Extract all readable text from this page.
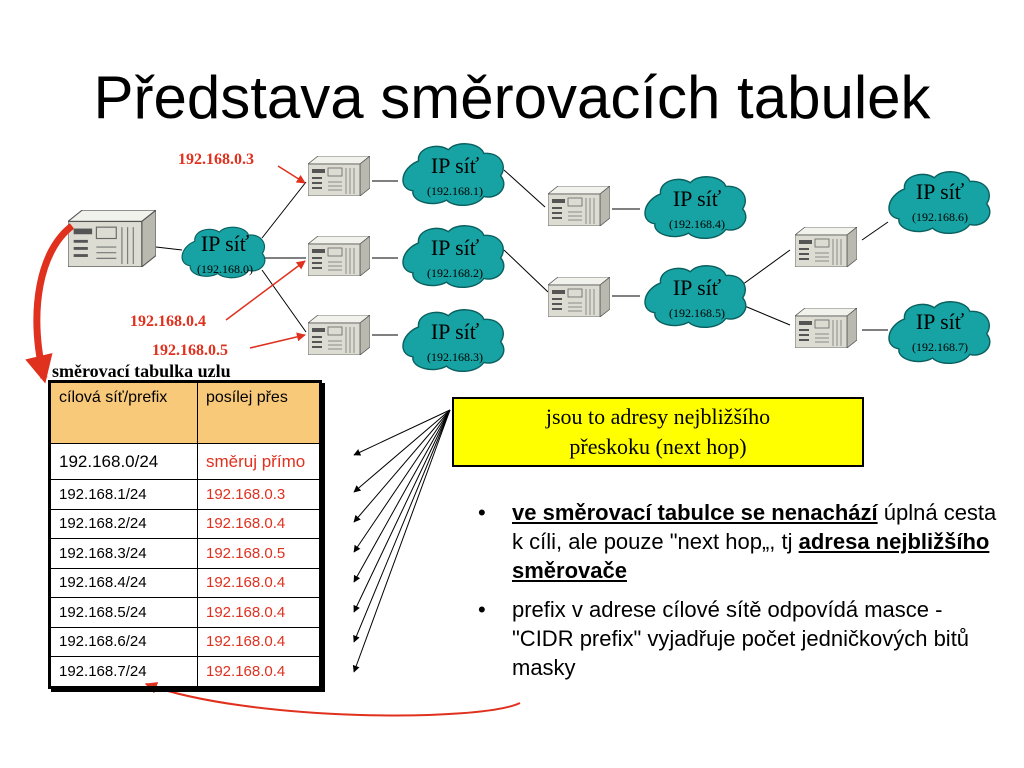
Představa směrovacích tabulek
IP síť
(192.168.0)
IP síť
(192.168.1)
IP síť
(192.168.2)
IP síť
(192.168.3)
IP síť
(192.168.4)
IP síť
(192.168.5)
IP síť
(192.168.6)
IP síť
(192.168.7)
192.168.0.3
192.168.0.4
192.168.0.5
směrovací tabulka uzlu
cílová síť/prefix	posílej přes
192.168.0/24	směruj přímo
192.168.1/24	192.168.0.3
192.168.2/24	192.168.0.4
192.168.3/24	192.168.0.5
192.168.4/24	192.168.0.4
192.168.5/24	192.168.0.4
192.168.6/24	192.168.0.4
192.168.7/24	192.168.0.4
jsou to adresy nejbližšího
přeskoku (next hop)
• ve směrovací tabulce se nenachází úplná cesta k cíli, ale pouze "next hop„, tj adresa nejbližšího směrovače
• prefix v adrese cílové sítě odpovídá masce - "CIDR prefix" vyjadřuje počet jedničkových bitů masky
